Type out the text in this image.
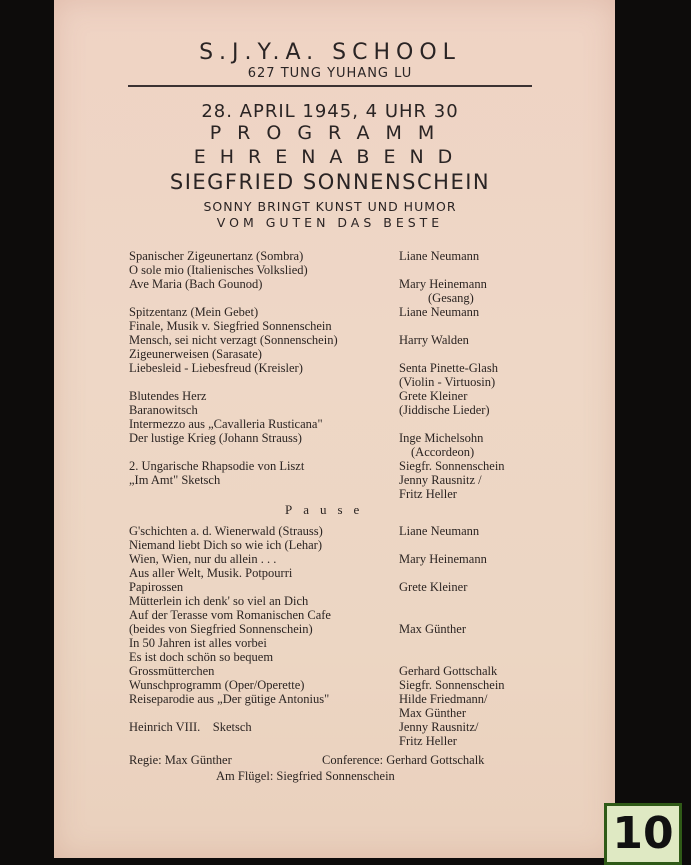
S.J.Y.A. SCHOOL
627 TUNG YUHANG LU
28. APRIL 1945, 4 UHR 30
PROGRAMM
EHRENABEND
SIEGFRIED SONNENSCHEIN
SONNY BRINGT KUNST UND HUMOR
VOM GUTEN DAS BESTE
Spanischer Zigeunertanz (Sombra)
O sole mio (Italienisches Volkslied)
Ave Maria (Bach Gounod)
Spitzentanz (Mein Gebet)
Finale, Musik v. Siegfried Sonnenschein
Mensch, sei nicht verzagt (Sonnenschein)
Zigeunerweisen (Sarasate)
Liebesleid - Liebesfreud (Kreisler)
Blutendes Herz
Baranowitsch
Intermezzo aus „Cavalleria Rusticana"
Der lustige Krieg (Johann Strauss)
2. Ungarische Rhapsodie von Liszt
„Im Amt" Sketsch
Liane Neumann
Mary Heinemann
(Gesang)
Liane Neumann
Harry Walden
Senta Pinette-Glash
(Violin - Virtuosin)
Grete Kleiner
(Jiddische Lieder)
Inge Michelsohn
(Accordeon)
Siegfr. Sonnenschein
Jenny Rausnitz /
Fritz Heller
Pause
G'schichten a. d. Wienerwald (Strauss)
Niemand liebt Dich so wie ich (Lehar)
Wien, Wien, nur du allein . . .
Aus aller Welt, Musik. Potpourri
Papirossen
Mütterlein ich denk' so viel an Dich
Auf der Terasse vom Romanischen Cafe
(beides von Siegfried Sonnenschein)
In 50 Jahren ist alles vorbei
Es ist doch schön so bequem
Grossmütterchen
Wunschprogramm (Oper/Operette)
Reiseparodie aus „Der gütige Antonius"
Heinrich VIII.    Sketsch
Liane Neumann
Mary Heinemann
Grete Kleiner
Max Günther
Gerhard Gottschalk
Siegfr. Sonnenschein
Hilde Friedmann/
Max Günther
Jenny Rausnitz/
Fritz Heller
Regie: Max Günther	Conference: Gerhard Gottschalk
Am Flügel: Siegfried Sonnenschein
10
